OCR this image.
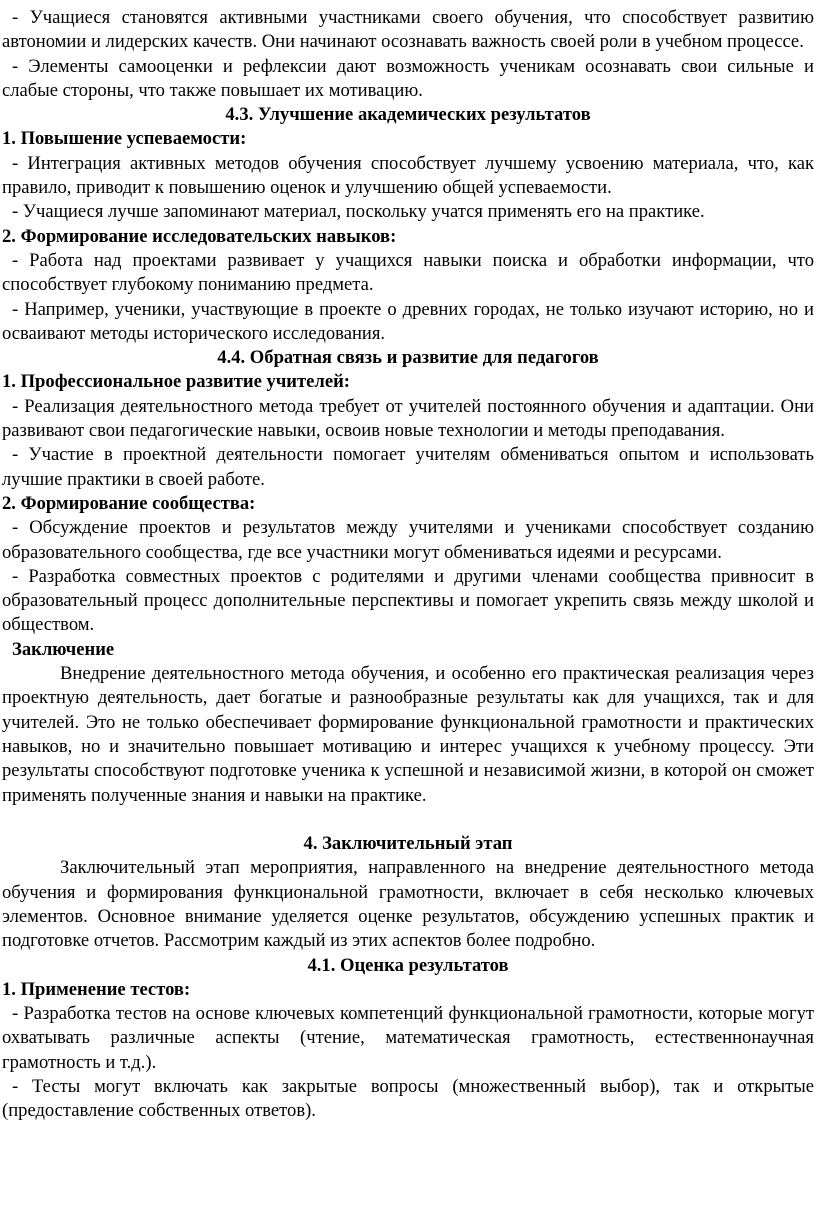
- Учащиеся становятся активными участниками своего обучения, что способствует развитию автономии и лидерских качеств. Они начинают осознавать важность своей роли в учебном процессе.

- Элементы самооценки и рефлексии дают возможность ученикам осознавать свои сильные и слабые стороны, что также повышает их мотивацию.

4.3. Улучшение академических результатов

1. Повышение успеваемости:

- Интеграция активных методов обучения способствует лучшему усвоению материала, что, как правило, приводит к повышению оценок и улучшению общей успеваемости.

- Учащиеся лучше запоминают материал, поскольку учатся применять его на практике.

2. Формирование исследовательских навыков:

- Работа над проектами развивает у учащихся навыки поиска и обработки информации, что способствует глубокому пониманию предмета.

- Например, ученики, участвующие в проекте о древних городах, не только изучают историю, но и осваивают методы исторического исследования.

4.4. Обратная связь и развитие для педагогов

1. Профессиональное развитие учителей:

- Реализация деятельностного метода требует от учителей постоянного обучения и адаптации. Они развивают свои педагогические навыки, освоив новые технологии и методы преподавания.

- Участие в проектной деятельности помогает учителям обмениваться опытом и использовать лучшие практики в своей работе.

2. Формирование сообщества:

- Обсуждение проектов и результатов между учителями и учениками способствует созданию образовательного сообщества, где все участники могут обмениваться идеями и ресурсами.

- Разработка совместных проектов с родителями и другими членами сообщества привносит в образовательный процесс дополнительные перспективы и помогает укрепить связь между школой и обществом.

Заключение

Внедрение деятельностного метода обучения, и особенно его практическая реализация через проектную деятельность, дает богатые и разнообразные результаты как для учащихся, так и для учителей. Это не только обеспечивает формирование функциональной грамотности и практических навыков, но и значительно повышает мотивацию и интерес учащихся к учебному процессу. Эти результаты способствуют подготовке ученика к успешной и независимой жизни, в которой он сможет применять полученные знания и навыки на практике.

4. Заключительный этап

Заключительный этап мероприятия, направленного на внедрение деятельностного метода обучения и формирования функциональной грамотности, включает в себя несколько ключевых элементов. Основное внимание уделяется оценке результатов, обсуждению успешных практик и подготовке отчетов. Рассмотрим каждый из этих аспектов более подробно.

4.1. Оценка результатов

1. Применение тестов:

- Разработка тестов на основе ключевых компетенций функциональной грамотности, которые могут охватывать различные аспекты (чтение, математическая грамотность, естественнонаучная грамотность и т.д.).

- Тесты могут включать как закрытые вопросы (множественный выбор), так и открытые (предоставление собственных ответов).
